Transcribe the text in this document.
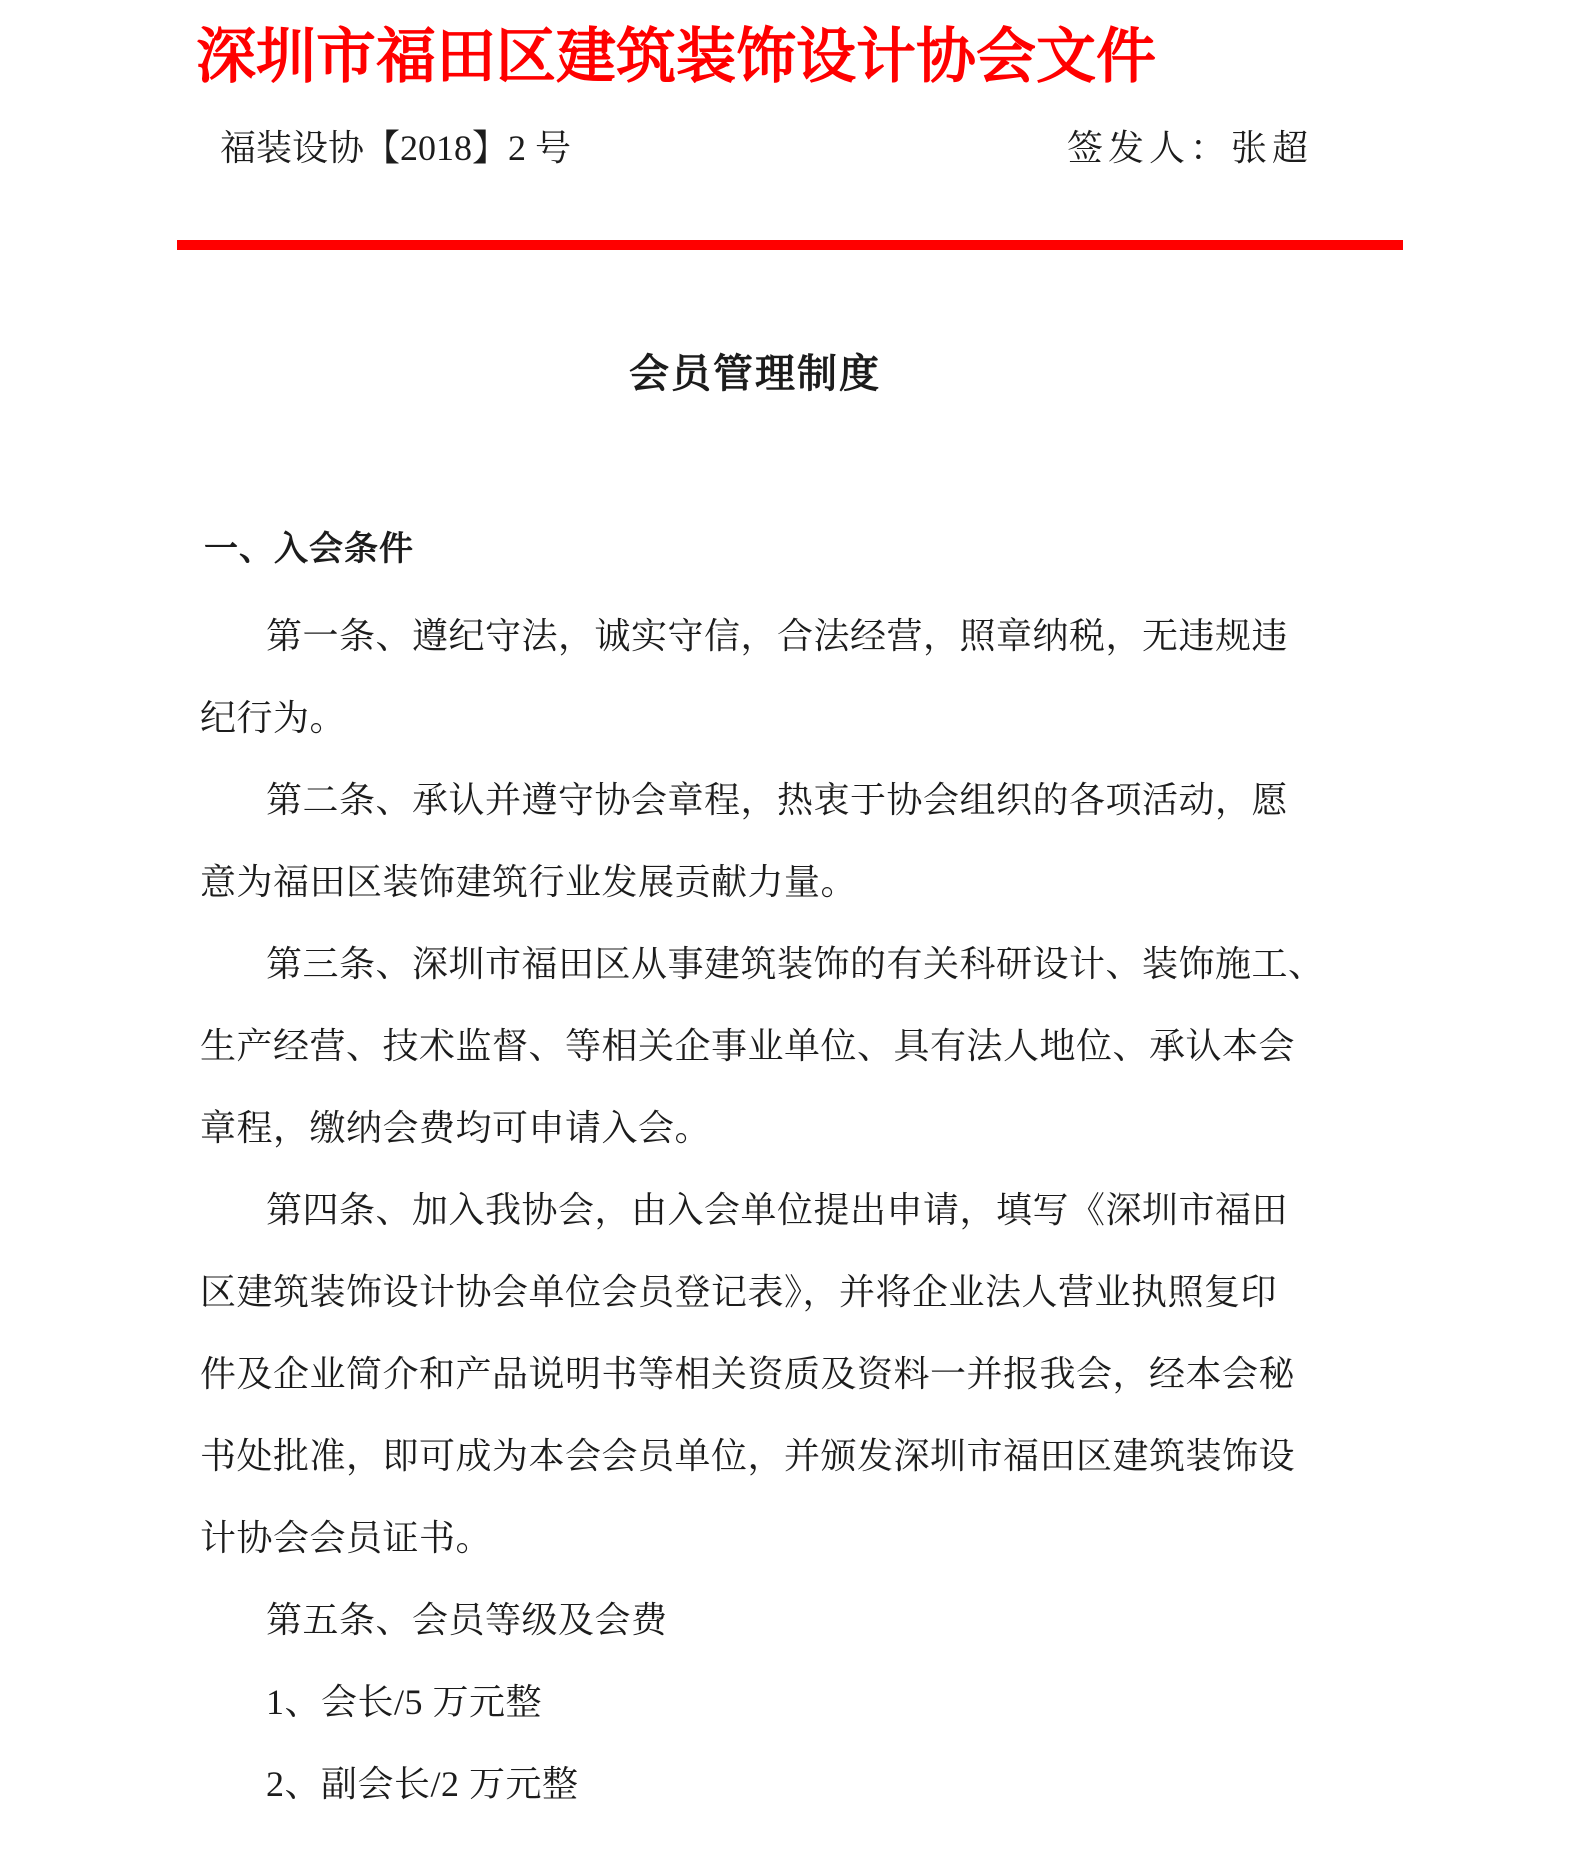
深圳市福田区建筑装饰设计协会文件
福装设协【2018】2 号	签发人：张超
会员管理制度
一、入会条件
第一条、遵纪守法，诚实守信，合法经营，照章纳税，无违规违
纪行为。
第二条、承认并遵守协会章程，热衷于协会组织的各项活动，愿
意为福田区装饰建筑行业发展贡献力量。
第三条、深圳市福田区从事建筑装饰的有关科研设计、装饰施工、
生产经营、技术监督、等相关企事业单位、具有法人地位、承认本会
章程，缴纳会费均可申请入会。
第四条、加入我协会，由入会单位提出申请，填写《深圳市福田
区建筑装饰设计协会单位会员登记表》，并将企业法人营业执照复印
件及企业简介和产品说明书等相关资质及资料一并报我会，经本会秘
书处批准，即可成为本会会员单位，并颁发深圳市福田区建筑装饰设
计协会会员证书。
第五条、会员等级及会费
1、会长/5 万元整
2、副会长/2 万元整
